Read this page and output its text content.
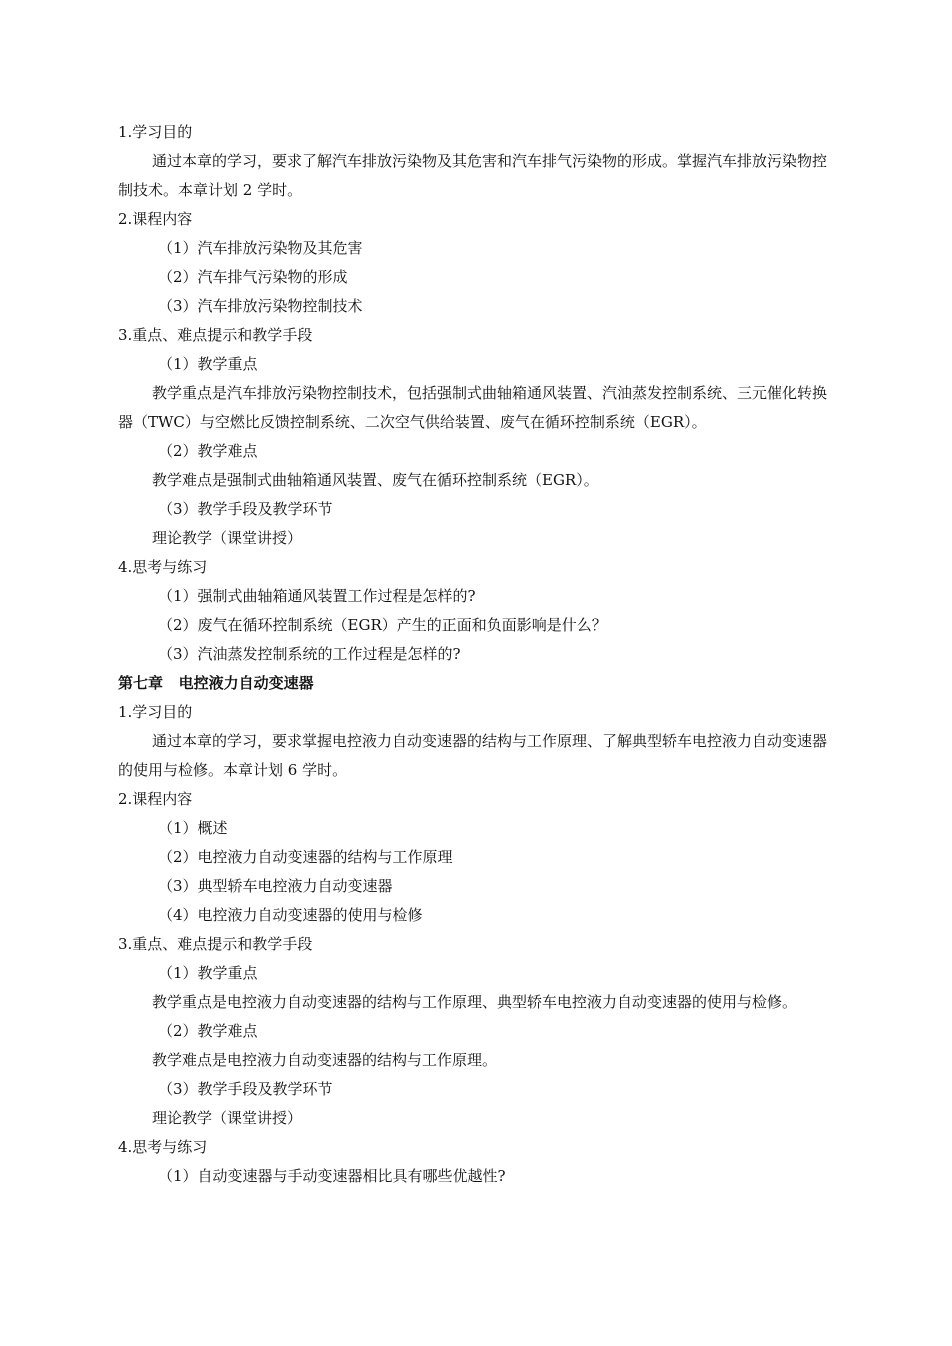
1.学习目的
通过本章的学习，要求了解汽车排放污染物及其危害和汽车排气污染物的形成。掌握汽车排放污染物控制技术。本章计划 2 学时。
2.课程内容
（1）汽车排放污染物及其危害
（2）汽车排气污染物的形成
（3）汽车排放污染物控制技术
3.重点、难点提示和教学手段
（1）教学重点
教学重点是汽车排放污染物控制技术，包括强制式曲轴箱通风装置、汽油蒸发控制系统、三元催化转换器（TWC）与空燃比反馈控制系统、二次空气供给装置、废气在循环控制系统（EGR）。
（2）教学难点
教学难点是强制式曲轴箱通风装置、废气在循环控制系统（EGR）。
（3）教学手段及教学环节
理论教学（课堂讲授）
4.思考与练习
（1）强制式曲轴箱通风装置工作过程是怎样的?
（2）废气在循环控制系统（EGR）产生的正面和负面影响是什么？
（3）汽油蒸发控制系统的工作过程是怎样的?
第七章   电控液力自动变速器
1.学习目的
通过本章的学习，要求掌握电控液力自动变速器的结构与工作原理、了解典型轿车电控液力自动变速器的使用与检修。本章计划 6 学时。
2.课程内容
（1）概述
（2）电控液力自动变速器的结构与工作原理
（3）典型轿车电控液力自动变速器
（4）电控液力自动变速器的使用与检修
3.重点、难点提示和教学手段
（1）教学重点
教学重点是电控液力自动变速器的结构与工作原理、典型轿车电控液力自动变速器的使用与检修。
（2）教学难点
教学难点是电控液力自动变速器的结构与工作原理。
（3）教学手段及教学环节
理论教学（课堂讲授）
4.思考与练习
（1）自动变速器与手动变速器相比具有哪些优越性?
